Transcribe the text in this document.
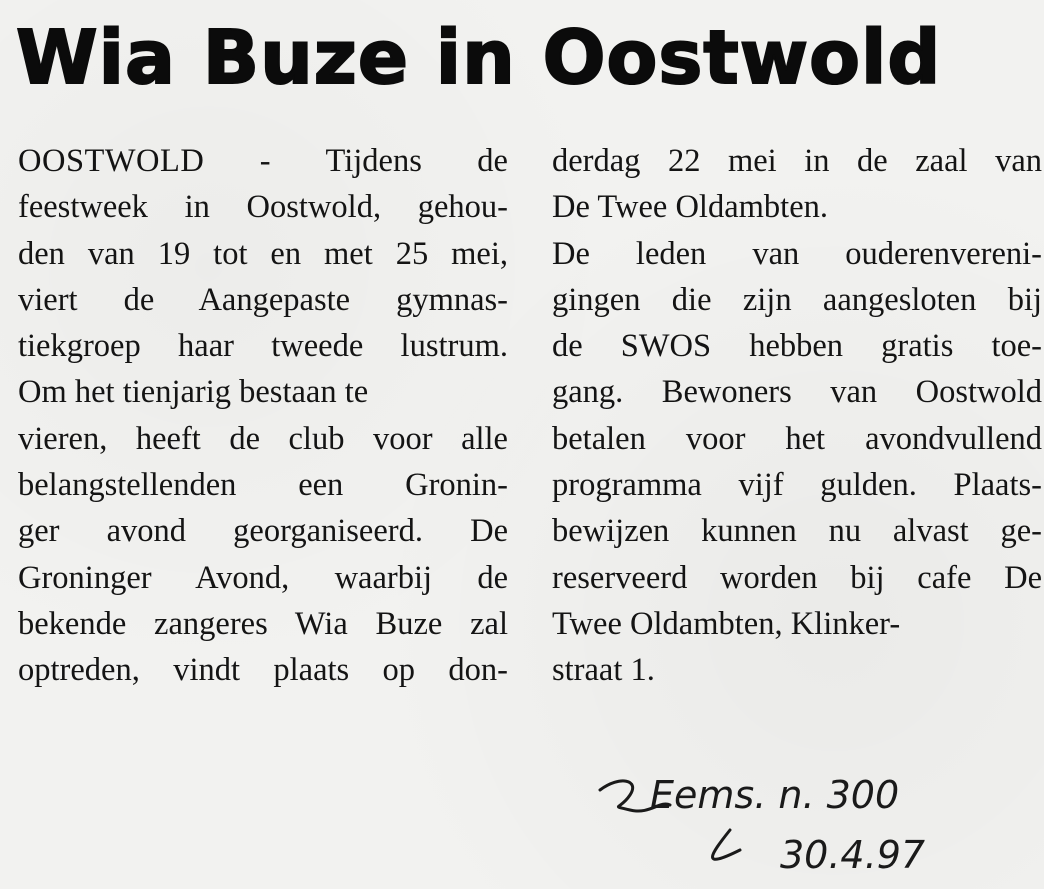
Wia Buze in Oostwold
OOSTWOLD - Tijdens de
feestweek in Oostwold, gehou-
den van 19 tot en met 25 mei,
viert de Aangepaste gymnas-
tiekgroep haar tweede lustrum.
Om het tienjarig bestaan te
vieren, heeft de club voor alle
belangstellenden een Gronin-
ger avond georganiseerd. De
Groninger Avond, waarbij de
bekende zangeres Wia Buze zal
optreden, vindt plaats op don-
derdag 22 mei in de zaal van
De Twee Oldambten.
De leden van ouderenvereni-
gingen die zijn aangesloten bij
de SWOS hebben gratis toe-
gang. Bewoners van Oostwold
betalen voor het avondvullend
programma vijf gulden. Plaats-
bewijzen kunnen nu alvast ge-
reserveerd worden bij cafe De
Twee Oldambten, Klinker-
straat 1.
Eems. n. 300
30.4.97
